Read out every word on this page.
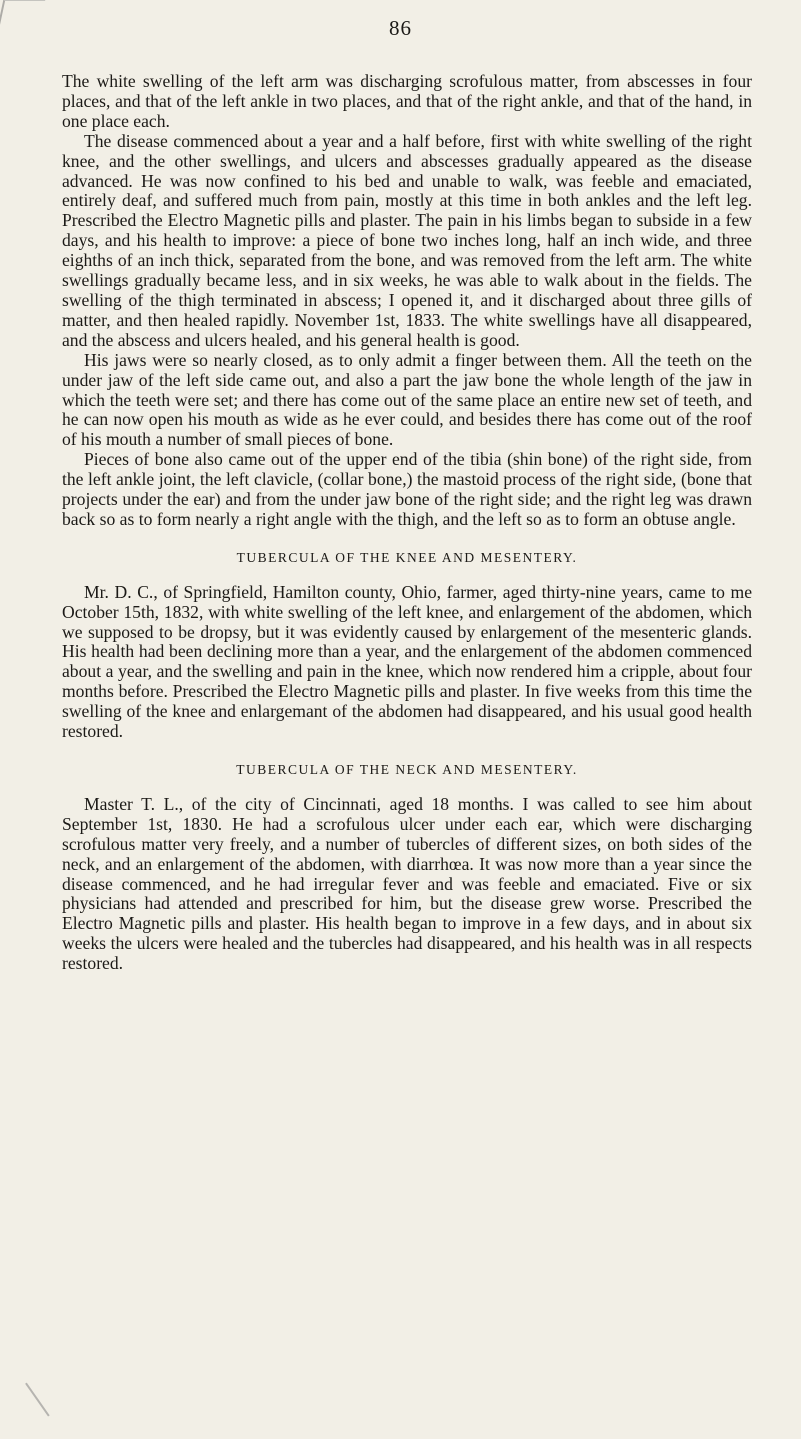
86

The white swelling of the left arm was discharging scrofulous matter, from abscesses in four places, and that of the left ankle in two places, and that of the right ankle, and that of the hand, in one place each.

The disease commenced about a year and a half before, first with white swelling of the right knee, and the other swellings, and ulcers and abscesses gradually appeared as the disease advanced. He was now confined to his bed and unable to walk, was feeble and emaciated, entirely deaf, and suffered much from pain, mostly at this time in both ankles and the left leg. Prescribed the Electro Magnetic pills and plaster. The pain in his limbs began to subside in a few days, and his health to improve: a piece of bone two inches long, half an inch wide, and three eighths of an inch thick, separated from the bone, and was removed from the left arm. The white swellings gradually became less, and in six weeks, he was able to walk about in the fields. The swelling of the thigh terminated in abscess; I opened it, and it discharged about three gills of matter, and then healed rapidly. November 1st, 1833. The white swellings have all disappeared, and the abscess and ulcers healed, and his general health is good.

His jaws were so nearly closed, as to only admit a finger between them. All the teeth on the under jaw of the left side came out, and also a part the jaw bone the whole length of the jaw in which the teeth were set; and there has come out of the same place an entire new set of teeth, and he can now open his mouth as wide as he ever could, and besides there has come out of the roof of his mouth a number of small pieces of bone.

Pieces of bone also came out of the upper end of the tibia (shin bone) of the right side, from the left ankle joint, the left clavicle, (collar bone,) the mastoid process of the right side, (bone that projects under the ear) and from the under jaw bone of the right side; and the right leg was drawn back so as to form nearly a right angle with the thigh, and the left so as to form an obtuse angle.

TUBERCULA OF THE KNEE AND MESENTERY.

Mr. D. C., of Springfield, Hamilton county, Ohio, farmer, aged thirty-nine years, came to me October 15th, 1832, with white swelling of the left knee, and enlargement of the abdomen, which we supposed to be dropsy, but it was evidently caused by enlargement of the mesenteric glands. His health had been declining more than a year, and the enlargement of the abdomen commenced about a year, and the swelling and pain in the knee, which now rendered him a cripple, about four months before. Prescribed the Electro Magnetic pills and plaster. In five weeks from this time the swelling of the knee and enlargemant of the abdomen had disappeared, and his usual good health restored.

TUBERCULA OF THE NECK AND MESENTERY.

Master T. L., of the city of Cincinnati, aged 18 months. I was called to see him about September 1st, 1830. He had a scrofulous ulcer under each ear, which were discharging scrofulous matter very freely, and a number of tubercles of different sizes, on both sides of the neck, and an enlargement of the abdomen, with diarrhœa. It was now more than a year since the disease commenced, and he had irregular fever and was feeble and emaciated. Five or six physicians had attended and prescribed for him, but the disease grew worse. Prescribed the Electro Magnetic pills and plaster. His health began to improve in a few days, and in about six weeks the ulcers were healed and the tubercles had disappeared, and his health was in all respects restored.
